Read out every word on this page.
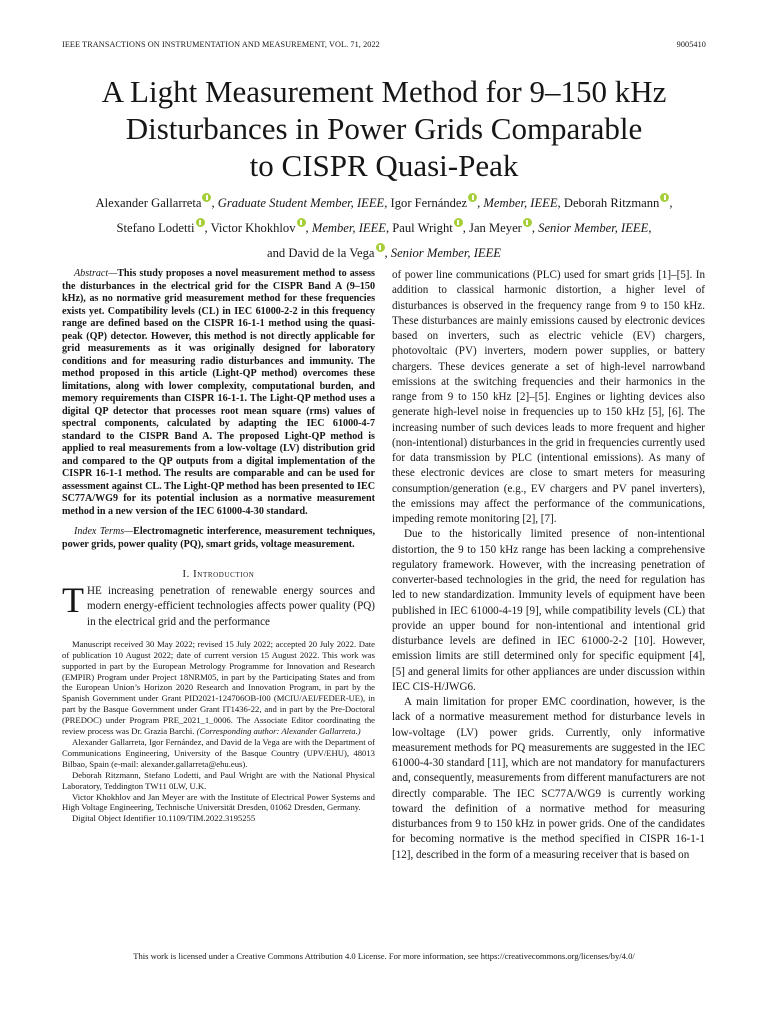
IEEE TRANSACTIONS ON INSTRUMENTATION AND MEASUREMENT, VOL. 71, 2022	9005410
A Light Measurement Method for 9–150 kHz
Disturbances in Power Grids Comparable
to CISPR Quasi-Peak
Alexander Gallarreta , Graduate Student Member, IEEE, Igor Fernández , Member, IEEE, Deborah Ritzmann ,
Stefano Lodetti , Victor Khokhlov , Member, IEEE, Paul Wright , Jan Meyer , Senior Member, IEEE,
and David de la Vega , Senior Member, IEEE

Abstract—This study proposes a novel measurement method to assess the disturbances in the electrical grid for the CISPR Band A (9–150 kHz), as no normative grid measurement method for these frequencies exists yet. Compatibility levels (CL) in IEC 61000-2-2 in this frequency range are defined based on the CISPR 16-1-1 method using the quasi-peak (QP) detector. However, this method is not directly applicable for grid measurements as it was originally designed for laboratory conditions and for measuring radio disturbances and immunity. The method proposed in this article (Light-QP method) overcomes these limitations, along with lower complexity, computational burden, and memory requirements than CISPR 16-1-1. The Light-QP method uses a digital QP detector that processes root mean square (rms) values of spectral components, calculated by adapting the IEC 61000-4-7 standard to the CISPR Band A. The proposed Light-QP method is applied to real measurements from a low-voltage (LV) distribution grid and compared to the QP outputs from a digital implementation of the CISPR 16-1-1 method. The results are comparable and can be used for assessment against CL. The Light-QP method has been presented to IEC SC77A/WG9 for its potential inclusion as a normative measurement method in a new version of the IEC 61000-4-30 standard.

Index Terms—Electromagnetic interference, measurement techniques, power grids, power quality (PQ), smart grids, voltage measurement.

I. Introduction

THE increasing penetration of renewable energy sources and modern energy-efficient technologies affects power quality (PQ) in the electrical grid and the performance

Manuscript received 30 May 2022; revised 15 July 2022; accepted 20 July 2022. Date of publication 10 August 2022; date of current version 15 August 2022. This work was supported in part by the European Metrology Programme for Innovation and Research (EMPIR) Program under Project 18NRM05, in part by the Participating States and from the European Union’s Horizon 2020 Research and Innovation Program, in part by the Spanish Government under Grant PID2021-124706OB-I00 (MCIU/AEI/FEDER-UE), in part by the Basque Government under Grant IT1436-22, and in part by the Pre-Doctoral (PREDOC) under Program PRE_2021_1_0006. The Associate Editor coordinating the review process was Dr. Grazia Barchi. (Corresponding author: Alexander Gallarreta.)

Alexander Gallarreta, Igor Fernández, and David de la Vega are with the Department of Communications Engineering, University of the Basque Country (UPV/EHU), 48013 Bilbao, Spain (e-mail: alexander.gallarreta@ehu.eus).

Deborah Ritzmann, Stefano Lodetti, and Paul Wright are with the National Physical Laboratory, Teddington TW11 0LW, U.K.

Victor Khokhlov and Jan Meyer are with the Institute of Electrical Power Systems and High Voltage Engineering, Technische Universität Dresden, 01062 Dresden, Germany.

Digital Object Identifier 10.1109/TIM.2022.3195255

of power line communications (PLC) used for smart grids [1]–[5]. In addition to classical harmonic distortion, a higher level of disturbances is observed in the frequency range from 9 to 150 kHz. These disturbances are mainly emissions caused by electronic devices based on inverters, such as electric vehicle (EV) chargers, photovoltaic (PV) inverters, modern power supplies, or battery chargers. These devices generate a set of high-level narrowband emissions at the switching frequencies and their harmonics in the range from 9 to 150 kHz [2]–[5]. Engines or lighting devices also generate high-level noise in frequencies up to 150 kHz [5], [6]. The increasing number of such devices leads to more frequent and higher (non-intentional) disturbances in the grid in frequencies currently used for data transmission by PLC (intentional emissions). As many of these electronic devices are close to smart meters for measuring consumption/generation (e.g., EV chargers and PV panel inverters), the emissions may affect the performance of the communications, impeding remote monitoring [2], [7].

Due to the historically limited presence of non-intentional distortion, the 9 to 150 kHz range has been lacking a comprehensive regulatory framework. However, with the increasing penetration of converter-based technologies in the grid, the need for regulation has led to new standardization. Immunity levels of equipment have been published in IEC 61000-4-19 [9], while compatibility levels (CL) that provide an upper bound for non-intentional and intentional grid disturbance levels are defined in IEC 61000-2-2 [10]. However, emission limits are still determined only for specific equipment [4], [5] and general limits for other appliances are under discussion within IEC CIS-H/JWG6.

A main limitation for proper EMC coordination, however, is the lack of a normative measurement method for disturbance levels in low-voltage (LV) power grids. Currently, only informative measurement methods for PQ measurements are suggested in the IEC 61000-4-30 standard [11], which are not mandatory for manufacturers and, consequently, measurements from different manufacturers are not directly comparable. The IEC SC77A/WG9 is currently working toward the definition of a normative method for measuring disturbances from 9 to 150 kHz in power grids. One of the candidates for becoming normative is the method specified in CISPR 16-1-1 [12], described in the form of a measuring receiver that is based on

This work is licensed under a Creative Commons Attribution 4.0 License. For more information, see https://creativecommons.org/licenses/by/4.0/
